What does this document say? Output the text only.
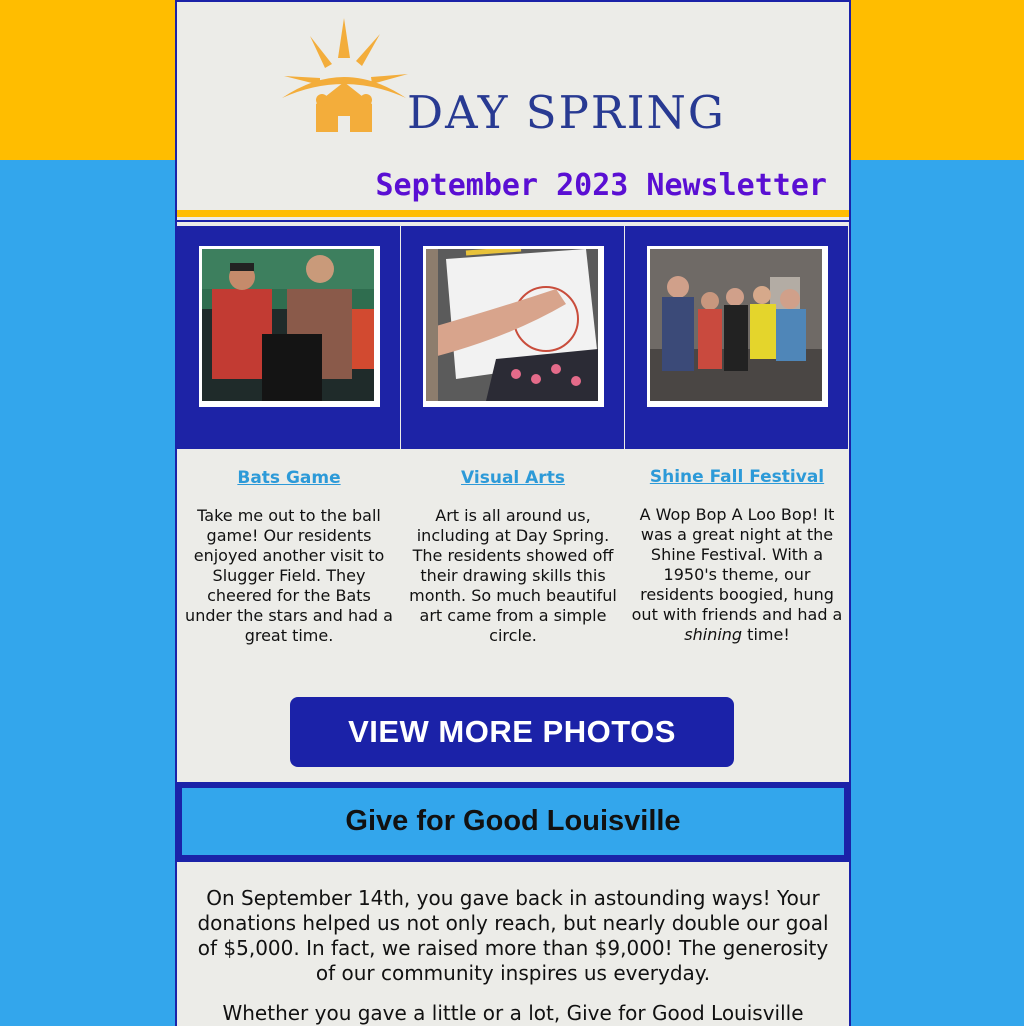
DAY SPRING
September 2023 Newsletter
Bats Game

Take me out to the ball game! Our residents enjoyed another visit to Slugger Field. They cheered for the Bats under the stars and had a great time.

Visual Arts

Art is all around us, including at Day Spring. The residents showed off their drawing skills this month. So much beautiful art came from a simple circle.

Shine Fall Festival

A Wop Bop A Loo Bop! It was a great night at the Shine Festival. With a 1950's theme, our residents boogied, hung out with friends and had a shining time!

VIEW MORE PHOTOS
Give for Good Louisville

On September 14th, you gave back in astounding ways! Your donations helped us not only reach, but nearly double our goal of $5,000. In fact, we raised more than $9,000! The generosity of our community inspires us everyday.

Whether you gave a little or a lot, Give for Good Louisville
